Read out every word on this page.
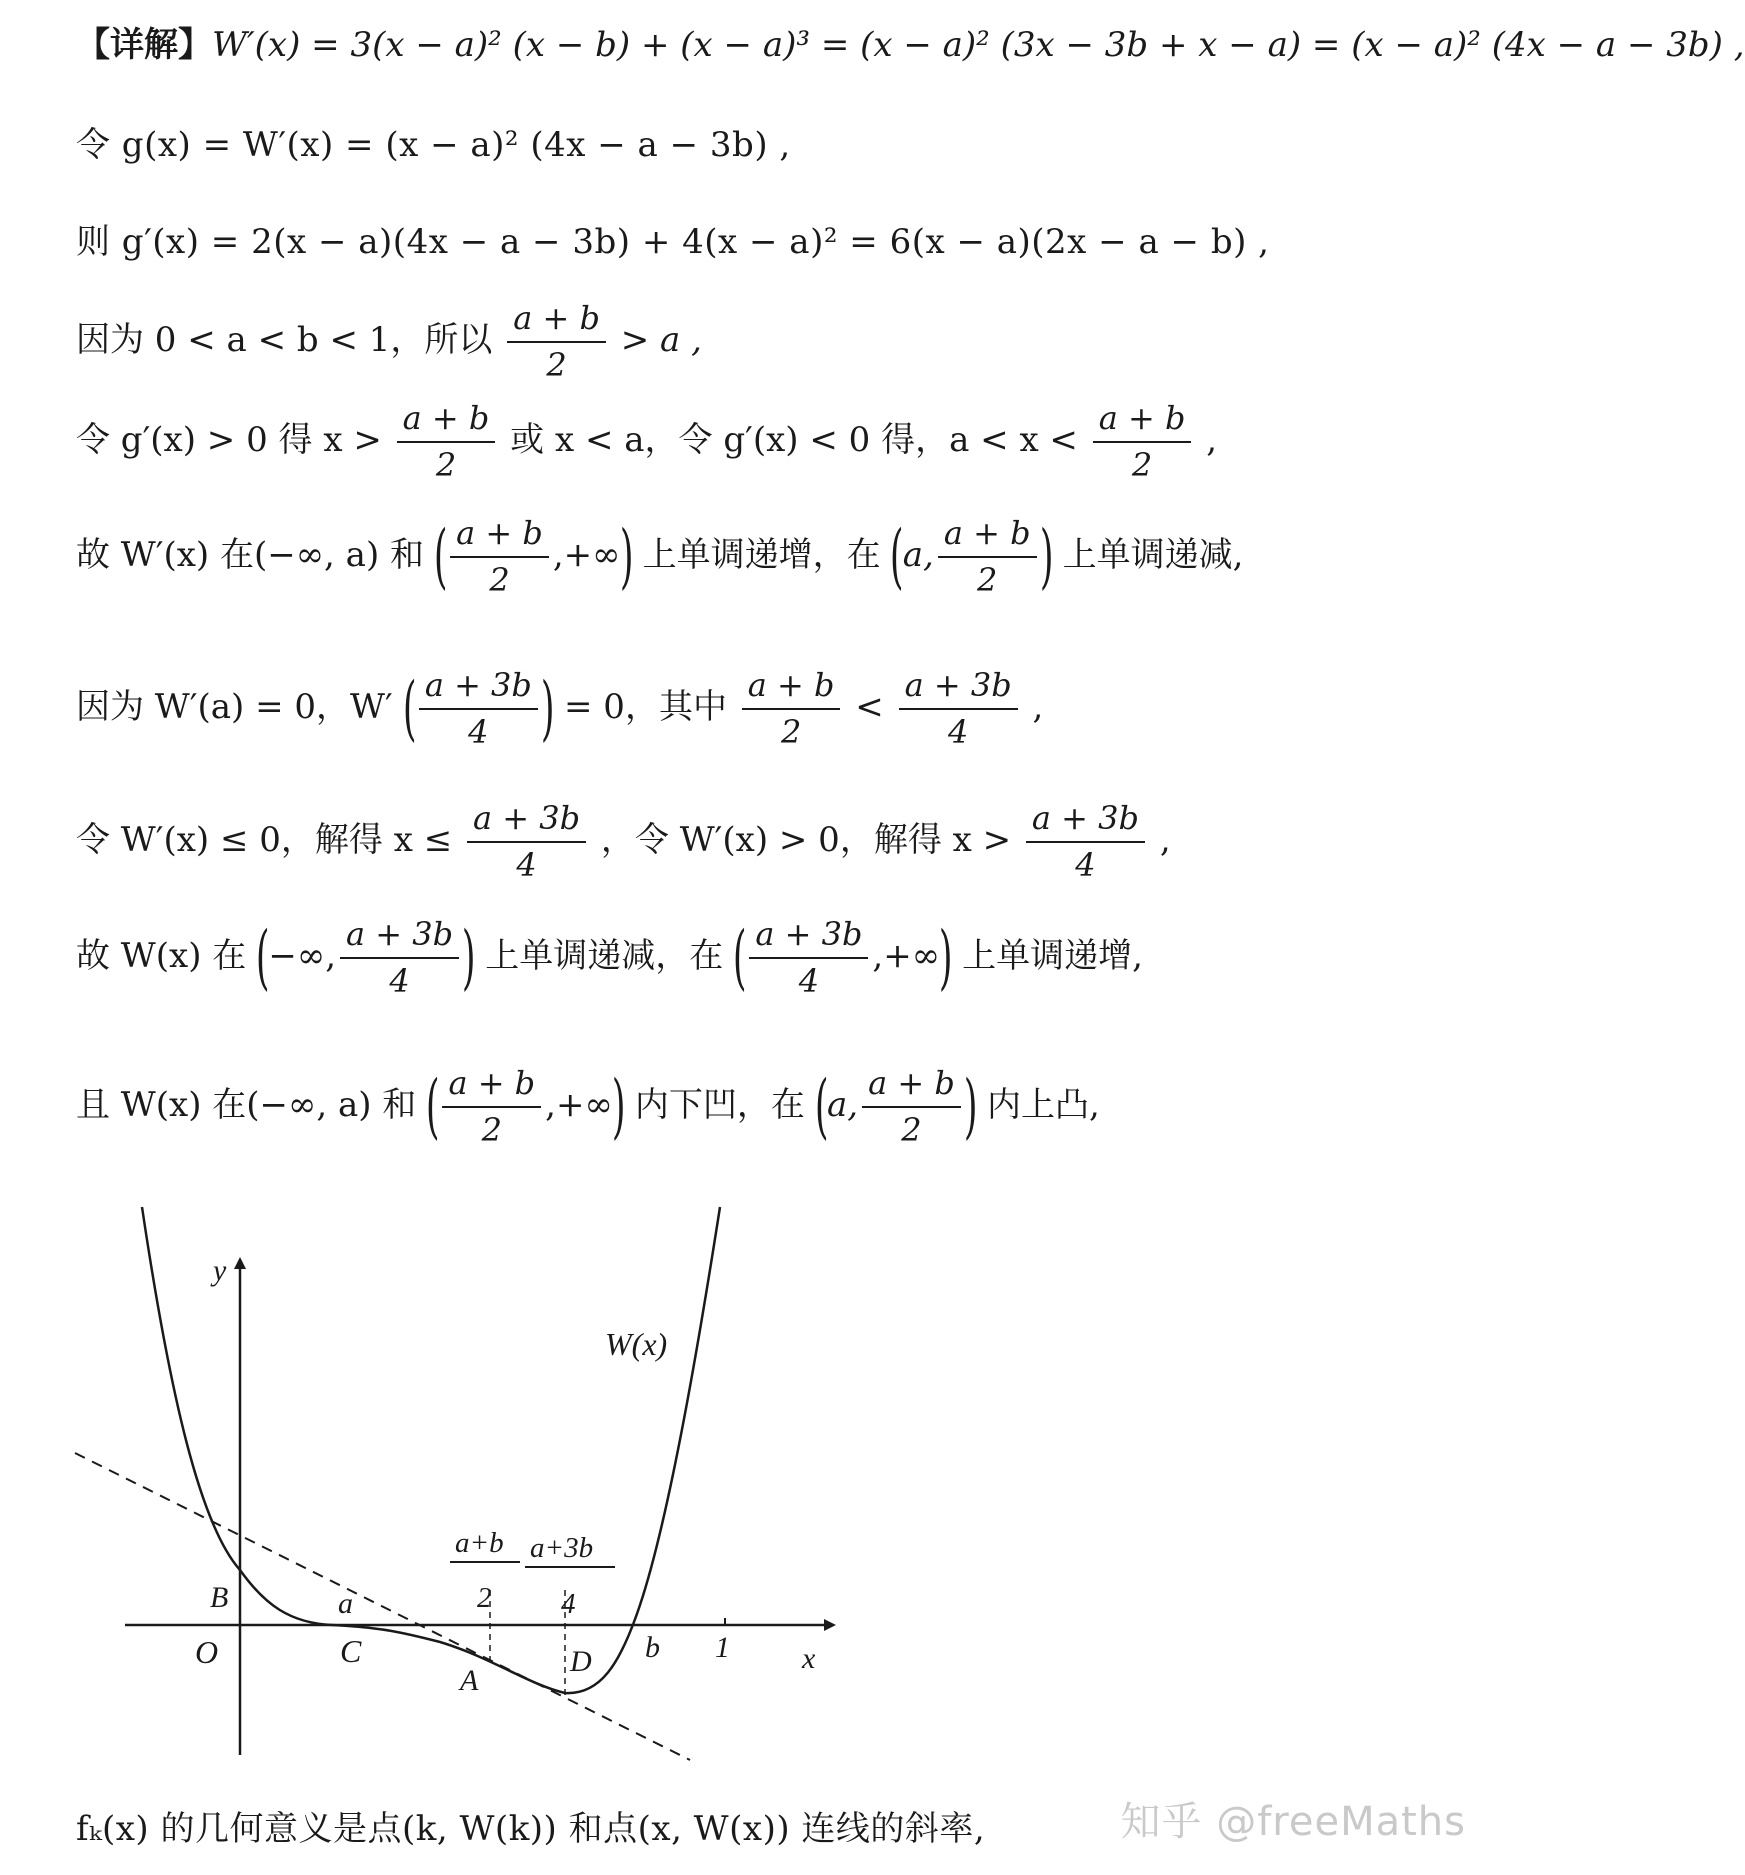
【详解】W′(x) = 3(x − a)² (x − b) + (x − a)³ = (x − a)² (3x − 3b + x − a) = (x − a)² (4x − a − 3b) ,
令 g(x) = W′(x) = (x − a)² (4x − a − 3b) ,
则 g′(x) = 2(x − a)(4x − a − 3b) + 4(x − a)² = 6(x − a)(2x − a − b) ,
因为 0 < a < b < 1，所以 $\frac{a + b}{2} > a$ ,
令 g′(x) > 0 得 $x > \frac{a + b}{2}$ 或 x < a，令 g′(x) < 0 得，$a < x < \frac{a + b}{2}$ ,
故 W′(x) 在(−∞, a) 和 ( $\frac{a + b}{2}$ ,+∞) 上单调递增，在 (a, $\frac{a + b}{2}$ ) 上单调递减,
因为 W′(a) = 0，W′ ( $\frac{a + 3b}{4}$ ) = 0，其中 $\frac{a + b}{2} < \frac{a + 3b}{4}$ ,
令 W′(x) ≤ 0，解得 $x \le \frac{a + 3b}{4}$ ，令 W′(x) > 0，解得 $x > \frac{a + 3b}{4}$ ,
故 W(x) 在 (−∞, $\frac{a + 3b}{4}$ ) 上单调递减，在 ( $\frac{a + 3b}{4}$ ,+∞) 上单调递增,
且 W(x) 在(−∞, a) 和 ( $\frac{a + b}{2}$ ,+∞) 内下凹，在 (a, $\frac{a + b}{2}$ ) 内上凸,
y
x
W(x)
O
B	a
C
A
D b 1
a+b
2
a+3b
4
fₖ(x) 的几何意义是点(k, W(k)) 和点(x, W(x)) 连线的斜率,	知乎 @freeMaths
